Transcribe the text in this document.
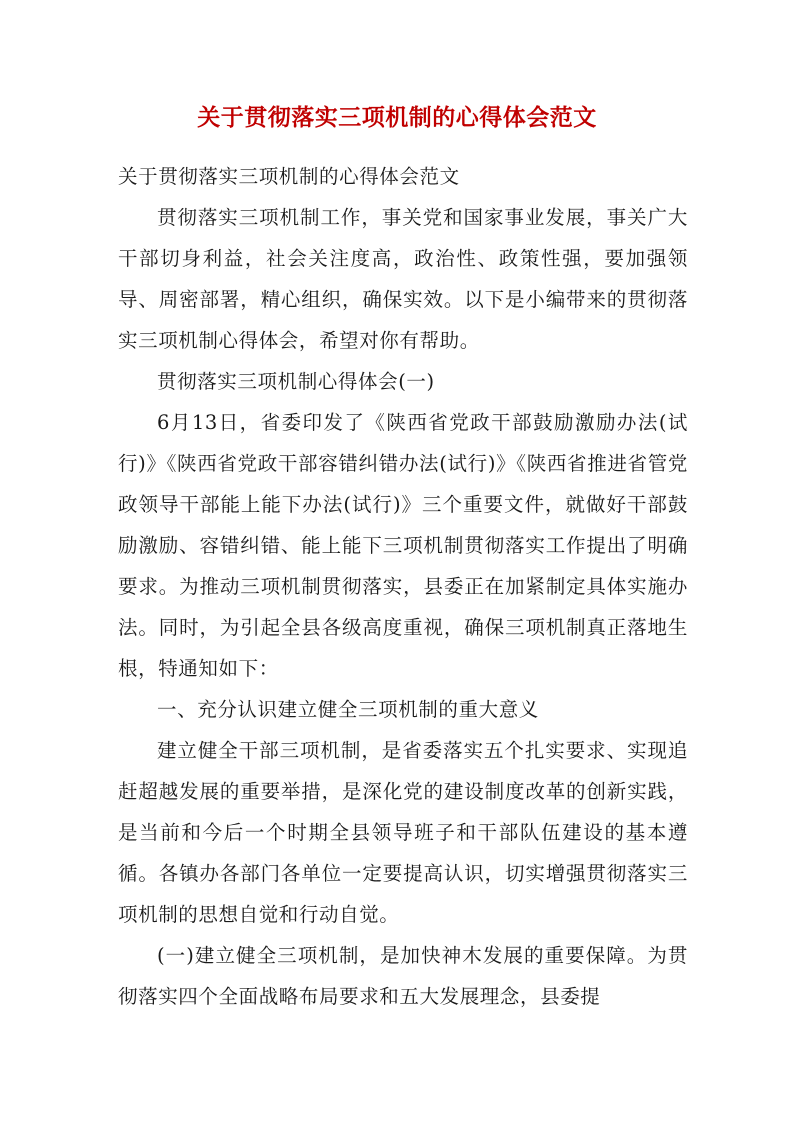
关于贯彻落实三项机制的心得体会范文

关于贯彻落实三项机制的心得体会范文

贯彻落实三项机制工作，事关党和国家事业发展，事关广大干部切身利益，社会关注度高，政治性、政策性强，要加强领导、周密部署，精心组织，确保实效。以下是小编带来的贯彻落实三项机制心得体会，希望对你有帮助。

贯彻落实三项机制心得体会(一)

6月13日，省委印发了《陕西省党政干部鼓励激励办法(试行)》《陕西省党政干部容错纠错办法(试行)》《陕西省推进省管党政领导干部能上能下办法(试行)》三个重要文件，就做好干部鼓励激励、容错纠错、能上能下三项机制贯彻落实工作提出了明确要求。为推动三项机制贯彻落实，县委正在加紧制定具体实施办法。同时，为引起全县各级高度重视，确保三项机制真正落地生根，特通知如下：

一、充分认识建立健全三项机制的重大意义

建立健全干部三项机制，是省委落实五个扎实要求、实现追赶超越发展的重要举措，是深化党的建设制度改革的创新实践，是当前和今后一个时期全县领导班子和干部队伍建设的基本遵循。各镇办各部门各单位一定要提高认识，切实增强贯彻落实三项机制的思想自觉和行动自觉。

(一)建立健全三项机制，是加快神木发展的重要保障。为贯彻落实四个全面战略布局要求和五大发展理念，县委提
